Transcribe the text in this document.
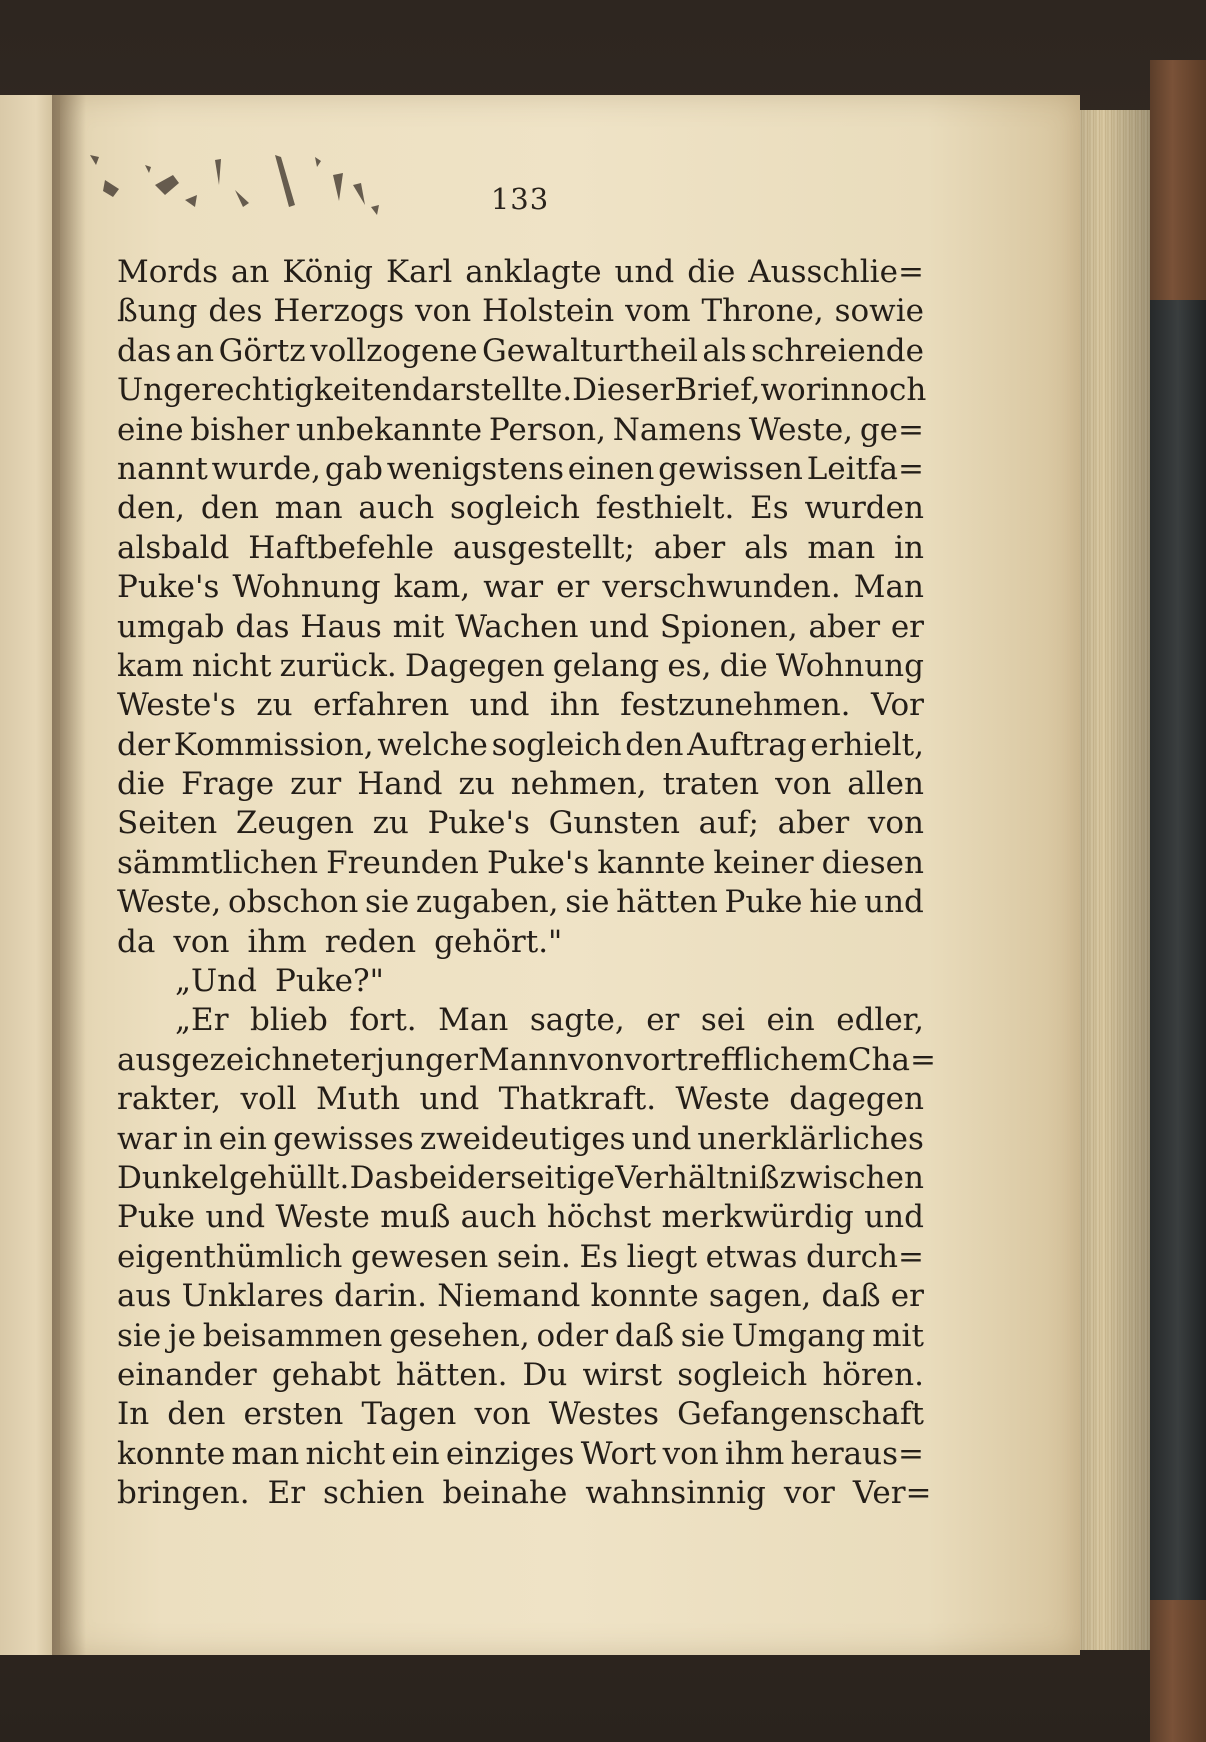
133
Mords an König Karl anklagte und die Ausschlie=
ßung des Herzogs von Holstein vom Throne, sowie
das an Görtz vollzogene Gewalturtheil als schreiende
Ungerechtigkeiten darstellte. Dieser Brief, worin noch
eine bisher unbekannte Person, Namens Weste, ge=
nannt wurde, gab wenigstens einen gewissen Leitfa=
den, den man auch sogleich festhielt. Es wurden
alsbald Haftbefehle ausgestellt; aber als man in
Puke's Wohnung kam, war er verschwunden. Man
umgab das Haus mit Wachen und Spionen, aber er
kam nicht zurück. Dagegen gelang es, die Wohnung
Weste's zu erfahren und ihn festzunehmen. Vor
der Kommission, welche sogleich den Auftrag erhielt,
die Frage zur Hand zu nehmen, traten von allen
Seiten Zeugen zu Puke's Gunsten auf; aber von
sämmtlichen Freunden Puke's kannte keiner diesen
Weste, obschon sie zugaben, sie hätten Puke hie und
da von ihm reden gehört."
„Und Puke?"
„Er blieb fort. Man sagte, er sei ein edler,
ausgezeichneter junger Mann von vortrefflichem Cha=
rakter, voll Muth und Thatkraft. Weste dagegen
war in ein gewisses zweideutiges und unerklärliches
Dunkel gehüllt. Das beiderseitige Verhältniß zwischen
Puke und Weste muß auch höchst merkwürdig und
eigenthümlich gewesen sein. Es liegt etwas durch=
aus Unklares darin. Niemand konnte sagen, daß er
sie je beisammen gesehen, oder daß sie Umgang mit
einander gehabt hätten. Du wirst sogleich hören.
In den ersten Tagen von Westes Gefangenschaft
konnte man nicht ein einziges Wort von ihm heraus=
bringen. Er schien beinahe wahnsinnig vor Ver=
